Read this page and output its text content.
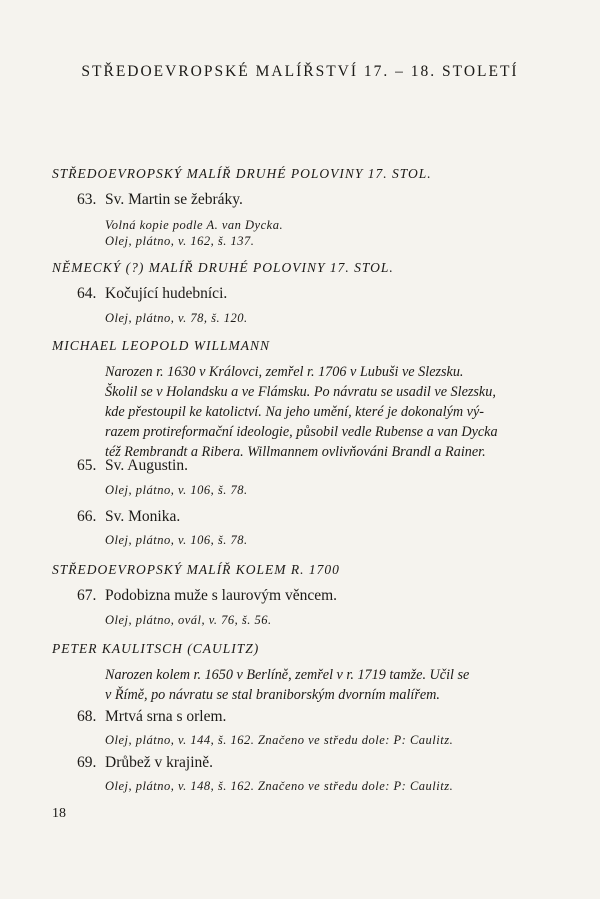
STŘEDOEVROPSKÉ MALÍŘSTVÍ 17. – 18. STOLETÍ
STŘEDOEVROPSKÝ MALÍŘ DRUHÉ POLOVINY 17. STOL.
63. Sv. Martin se žebráky.
Volná kopie podle A. van Dycka.
Olej, plátno, v. 162, š. 137.
NĚMECKÝ (?) MALÍŘ DRUHÉ POLOVINY 17. STOL.
64. Kočující hudebníci.
Olej, plátno, v. 78, š. 120.
MICHAEL LEOPOLD WILLMANN
Narozen r. 1630 v Královci, zemřel r. 1706 v Lubuši ve Slezsku.
Školil se v Holandsku a ve Flámsku. Po návratu se usadil ve Slezsku,
kde přestoupil ke katolictví. Na jeho umění, které je dokonalým vý-
razem protireformační ideologie, působil vedle Rubense a van Dycka
též Rembrandt a Ribera. Willmannem ovlivňováni Brandl a Rainer.
65. Sv. Augustin.
Olej, plátno, v. 106, š. 78.
66. Sv. Monika.
Olej, plátno, v. 106, š. 78.
STŘEDOEVROPSKÝ MALÍŘ KOLEM R. 1700
67. Podobizna muže s laurovým věncem.
Olej, plátno, ovál, v. 76, š. 56.
PETER KAULITSCH (CAULITZ)
Narozen kolem r. 1650 v Berlíně, zemřel v r. 1719 tamže. Učil se
v Římě, po návratu se stal braniborským dvorním malířem.
68. Mrtvá srna s orlem.
Olej, plátno, v. 144, š. 162. Značeno ve středu dole: P: Caulitz.
69. Drůbež v krajině.
Olej, plátno, v. 148, š. 162. Značeno ve středu dole: P: Caulitz.
18
